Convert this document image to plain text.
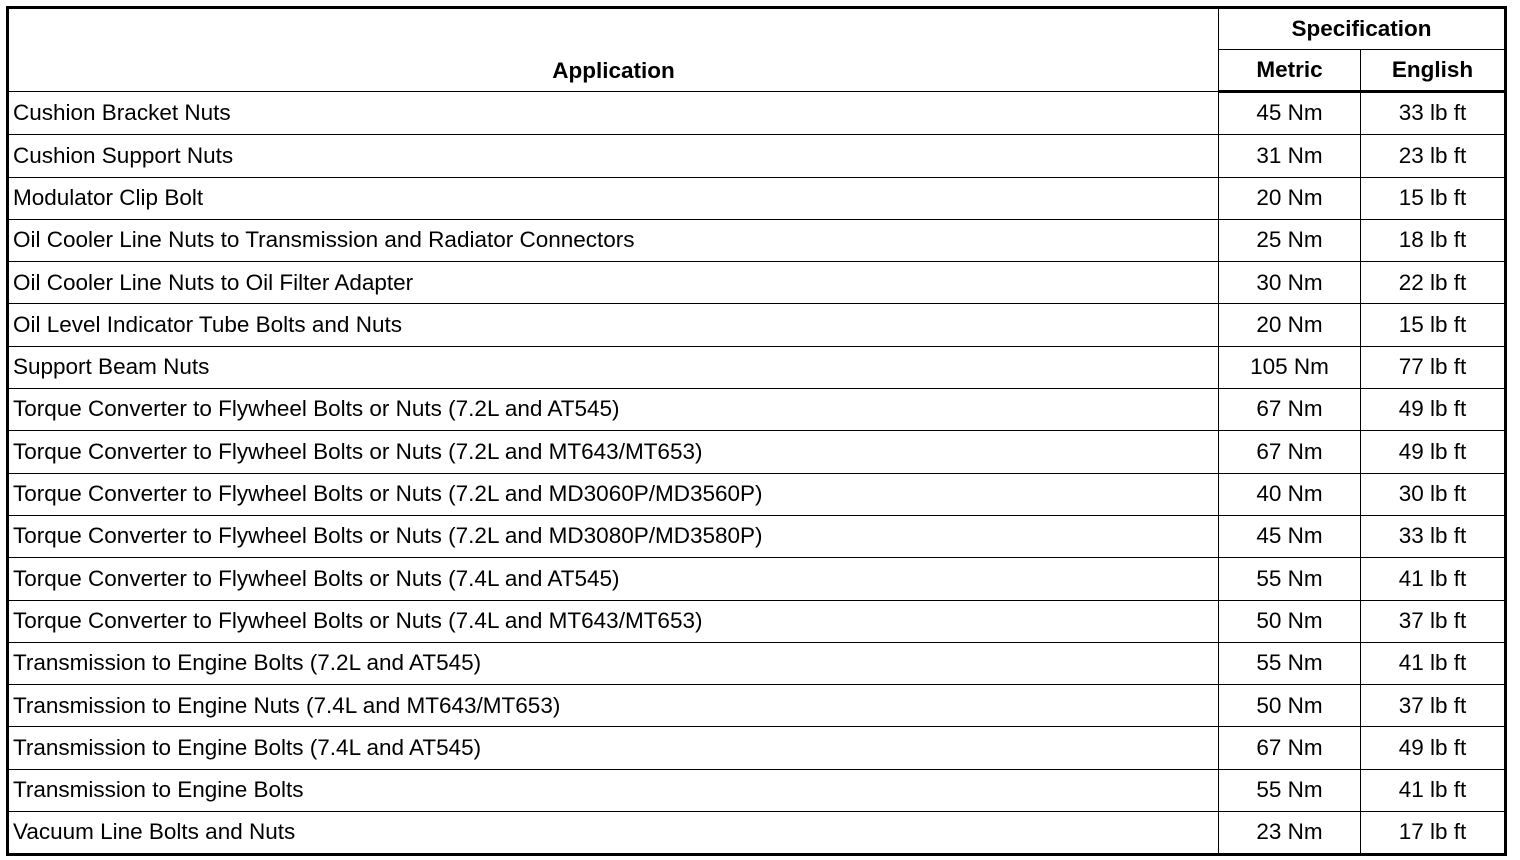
Application	Specification	
	Metric	English
Cushion Bracket Nuts	45 Nm	33 lb ft
Cushion Support Nuts	31 Nm	23 lb ft
Modulator Clip Bolt	20 Nm	15 lb ft
Oil Cooler Line Nuts to Transmission and Radiator Connectors	25 Nm	18 lb ft
Oil Cooler Line Nuts to Oil Filter Adapter	30 Nm	22 lb ft
Oil Level Indicator Tube Bolts and Nuts	20 Nm	15 lb ft
Support Beam Nuts	105 Nm	77 lb ft
Torque Converter to Flywheel Bolts or Nuts (7.2L and AT545)	67 Nm	49 lb ft
Torque Converter to Flywheel Bolts or Nuts (7.2L and MT643/MT653)	67 Nm	49 lb ft
Torque Converter to Flywheel Bolts or Nuts (7.2L and MD3060P/MD3560P)	40 Nm	30 lb ft
Torque Converter to Flywheel Bolts or Nuts (7.2L and MD3080P/MD3580P)	45 Nm	33 lb ft
Torque Converter to Flywheel Bolts or Nuts (7.4L and AT545)	55 Nm	41 lb ft
Torque Converter to Flywheel Bolts or Nuts (7.4L and MT643/MT653)	50 Nm	37 lb ft
Transmission to Engine Bolts (7.2L and AT545)	55 Nm	41 lb ft
Transmission to Engine Nuts (7.4L and MT643/MT653)	50 Nm	37 lb ft
Transmission to Engine Bolts (7.4L and AT545)	67 Nm	49 lb ft
Transmission to Engine Bolts	55 Nm	41 lb ft
Vacuum Line Bolts and Nuts	23 Nm	17 lb ft
